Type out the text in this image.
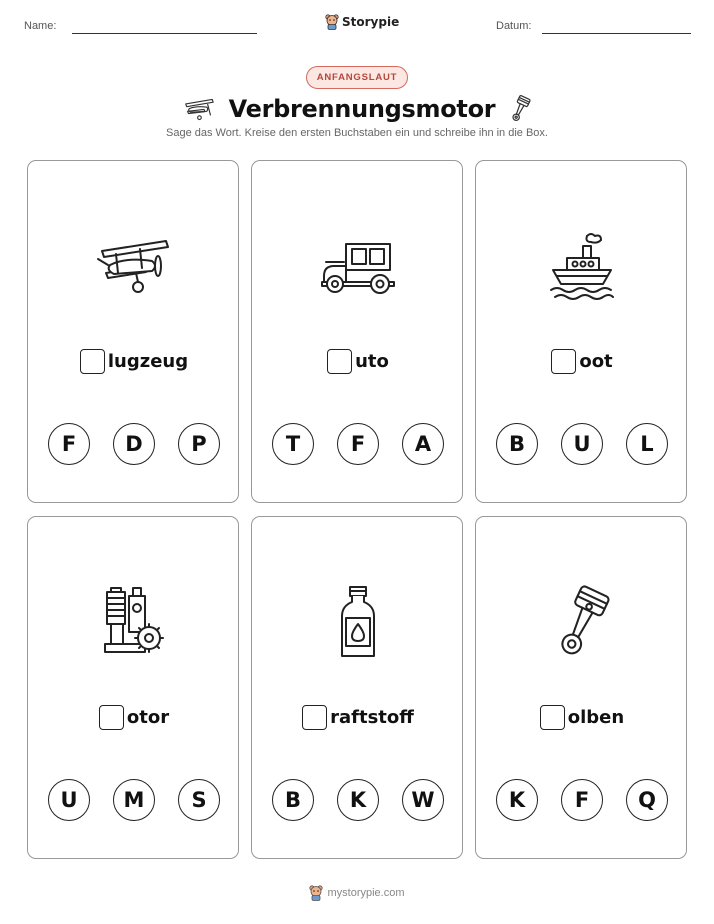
Name:	Storypie	Datum:
ANFANGSLAUT
Verbrennungsmotor
Sage das Wort. Kreise den ersten Buchstaben ein und schreibe ihn in die Box.
lugzeug
F	D	P
uto
T	F	A
oot
B	U	L
otor
U	M	S
raftstoff
B	K	W
olben
K	F	Q
mystorypie.com
